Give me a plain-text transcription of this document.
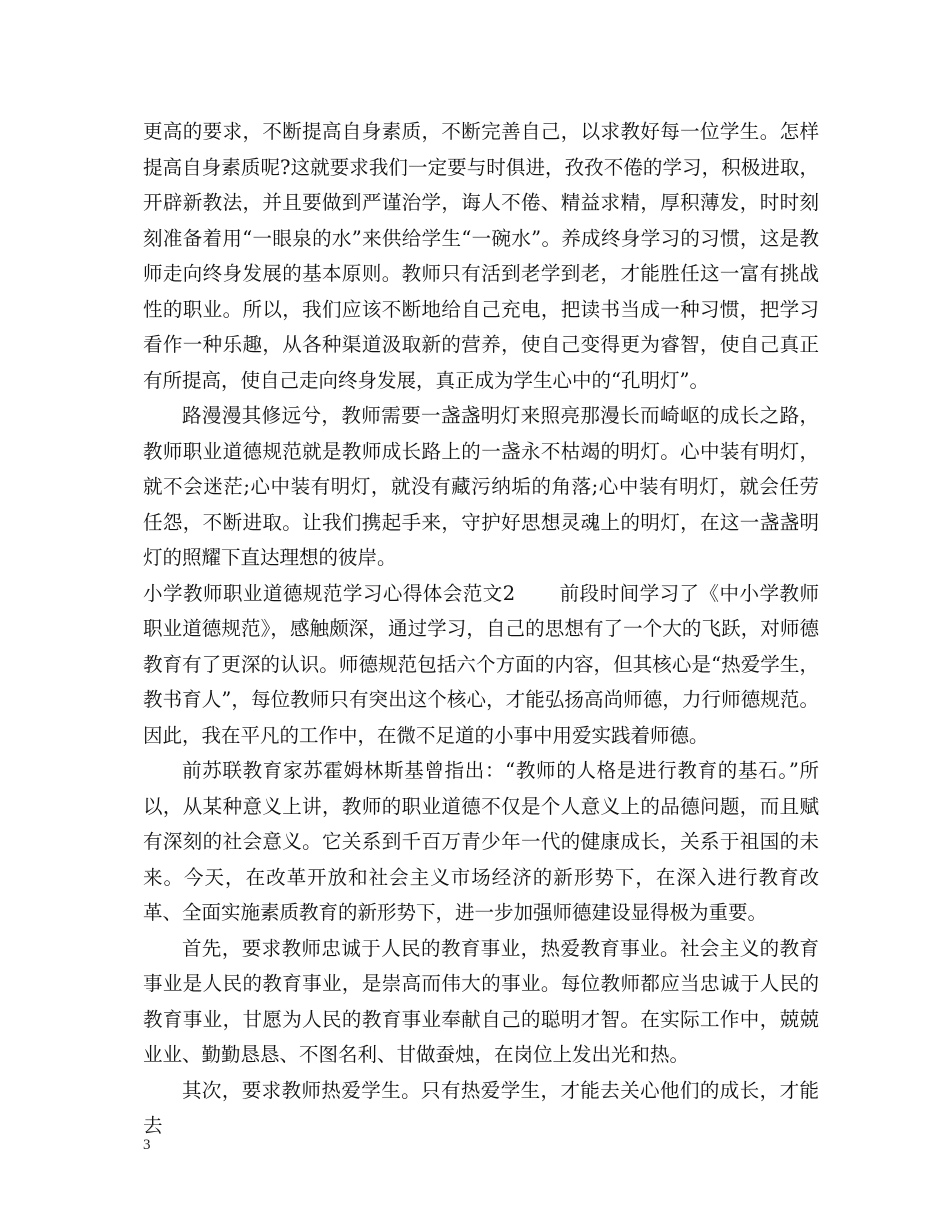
更高的要求，不断提高自身素质，不断完善自己，以求教好每一位学生。怎样提高自身素质呢?这就要求我们一定要与时俱进，孜孜不倦的学习，积极进取，开辟新教法，并且要做到严谨治学，诲人不倦、精益求精，厚积薄发，时时刻刻准备着用“一眼泉的水”来供给学生“一碗水”。养成终身学习的习惯，这是教师走向终身发展的基本原则。教师只有活到老学到老，才能胜任这一富有挑战性的职业。所以，我们应该不断地给自己充电，把读书当成一种习惯，把学习看作一种乐趣，从各种渠道汲取新的营养，使自己变得更为睿智，使自己真正有所提高，使自己走向终身发展，真正成为学生心中的“孔明灯”。

路漫漫其修远兮，教师需要一盏盏明灯来照亮那漫长而崎岖的成长之路，教师职业道德规范就是教师成长路上的一盏永不枯竭的明灯。心中装有明灯，就不会迷茫;心中装有明灯，就没有藏污纳垢的角落;心中装有明灯，就会任劳任怨，不断进取。让我们携起手来，守护好思想灵魂上的明灯，在这一盏盏明灯的照耀下直达理想的彼岸。

小学教师职业道德规范学习心得体会范文2 前段时间学习了《中小学教师职业道德规范》，感触颇深，通过学习，自己的思想有了一个大的飞跃，对师德教育有了更深的认识。师德规范包括六个方面的内容，但其核心是“热爱学生，教书育人”，每位教师只有突出这个核心，才能弘扬高尚师德，力行师德规范。因此，我在平凡的工作中，在微不足道的小事中用爱实践着师德。

前苏联教育家苏霍姆林斯基曾指出：“教师的人格是进行教育的基石。”所以，从某种意义上讲，教师的职业道德不仅是个人意义上的品德问题，而且赋有深刻的社会意义。它关系到千百万青少年一代的健康成长，关系于祖国的未来。今天，在改革开放和社会主义市场经济的新形势下，在深入进行教育改革、全面实施素质教育的新形势下，进一步加强师德建设显得极为重要。

首先，要求教师忠诚于人民的教育事业，热爱教育事业。社会主义的教育事业是人民的教育事业，是崇高而伟大的事业。每位教师都应当忠诚于人民的教育事业，甘愿为人民的教育事业奉献自己的聪明才智。在实际工作中，兢兢业业、勤勤恳恳、不图名利、甘做蚕烛，在岗位上发出光和热。

其次，要求教师热爱学生。只有热爱学生，才能去关心他们的成长，才能去

3
